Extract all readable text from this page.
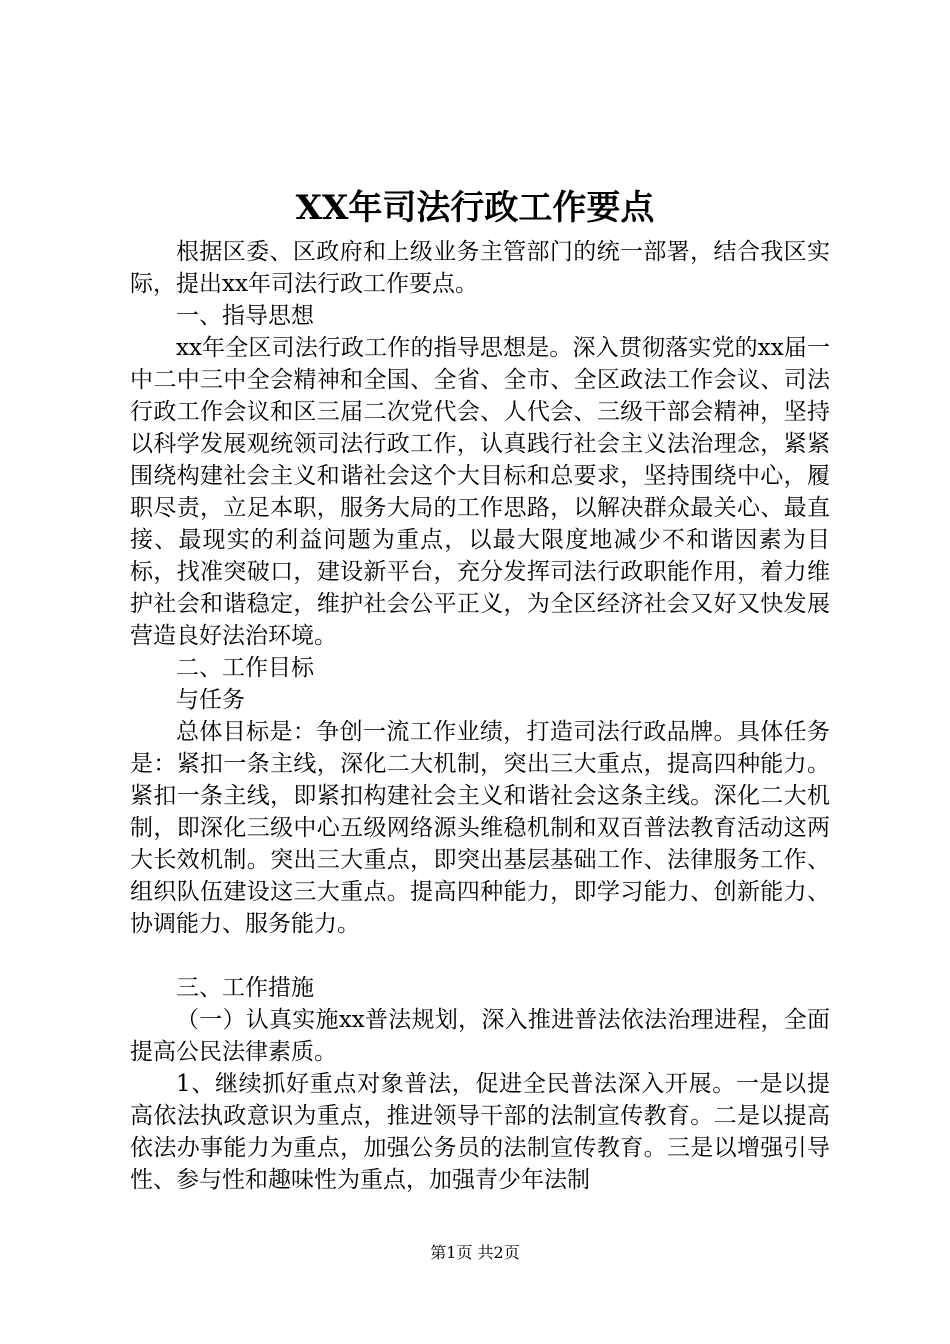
XX年司法行政工作要点

根据区委、区政府和上级业务主管部门的统一部署，结合我区实际，提出xx年司法行政工作要点。

一、指导思想

xx年全区司法行政工作的指导思想是。深入贯彻落实党的xx届一中二中三中全会精神和全国、全省、全市、全区政法工作会议、司法行政工作会议和区三届二次党代会、人代会、三级干部会精神，坚持以科学发展观统领司法行政工作，认真践行社会主义法治理念，紧紧围绕构建社会主义和谐社会这个大目标和总要求，坚持围绕中心，履职尽责，立足本职，服务大局的工作思路，以解决群众最关心、最直接、最现实的利益问题为重点，以最大限度地减少不和谐因素为目标，找准突破口，建设新平台，充分发挥司法行政职能作用，着力维护社会和谐稳定，维护社会公平正义，为全区经济社会又好又快发展营造良好法治环境。

二、工作目标

与任务

总体目标是：争创一流工作业绩，打造司法行政品牌。具体任务是：紧扣一条主线，深化二大机制，突出三大重点，提高四种能力。紧扣一条主线，即紧扣构建社会主义和谐社会这条主线。深化二大机制，即深化三级中心五级网络源头维稳机制和双百普法教育活动这两大长效机制。突出三大重点，即突出基层基础工作、法律服务工作、组织队伍建设这三大重点。提高四种能力，即学习能力、创新能力、协调能力、服务能力。

三、工作措施

（一）认真实施xx普法规划，深入推进普法依法治理进程，全面提高公民法律素质。

1、继续抓好重点对象普法，促进全民普法深入开展。一是以提高依法执政意识为重点，推进领导干部的法制宣传教育。二是以提高依法办事能力为重点，加强公务员的法制宣传教育。三是以增强引导性、参与性和趣味性为重点，加强青少年法制

第1页 共2页
